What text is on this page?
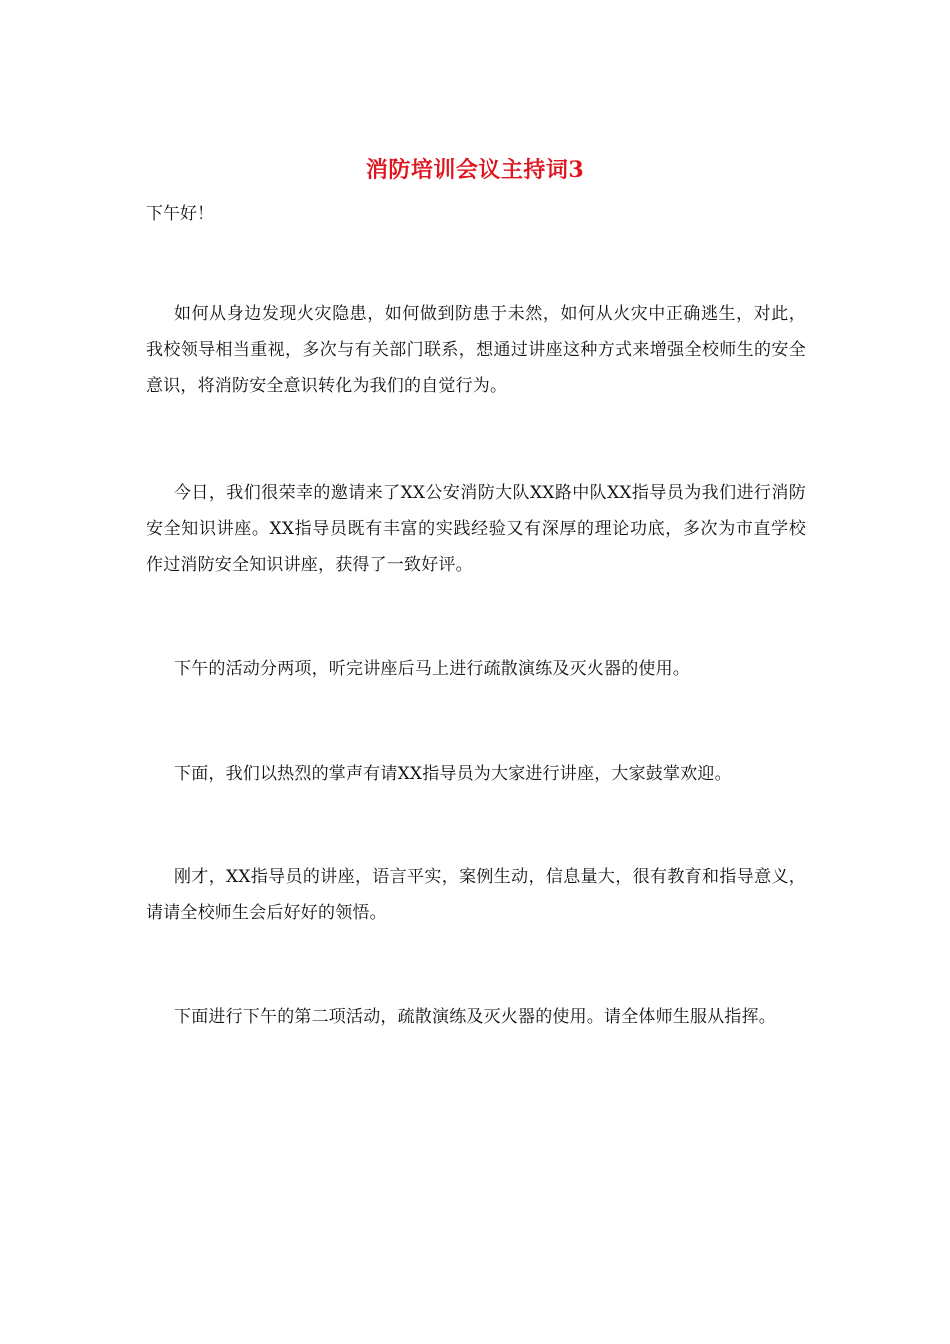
消防培训会议主持词3
下午好！
如何从身边发现火灾隐患，如何做到防患于未然，如何从火灾中正确逃生，对此，我校领导相当重视，多次与有关部门联系，想通过讲座这种方式来增强全校师生的安全意识，将消防安全意识转化为我们的自觉行为。
今日，我们很荣幸的邀请来了XX公安消防大队XX路中队XX指导员为我们进行消防安全知识讲座。XX指导员既有丰富的实践经验又有深厚的理论功底，多次为市直学校作过消防安全知识讲座，获得了一致好评。
下午的活动分两项，听完讲座后马上进行疏散演练及灭火器的使用。
下面，我们以热烈的掌声有请XX指导员为大家进行讲座，大家鼓掌欢迎。
刚才，XX指导员的讲座，语言平实，案例生动，信息量大，很有教育和指导意义，请请全校师生会后好好的领悟。
下面进行下午的第二项活动，疏散演练及灭火器的使用。请全体师生服从指挥。
